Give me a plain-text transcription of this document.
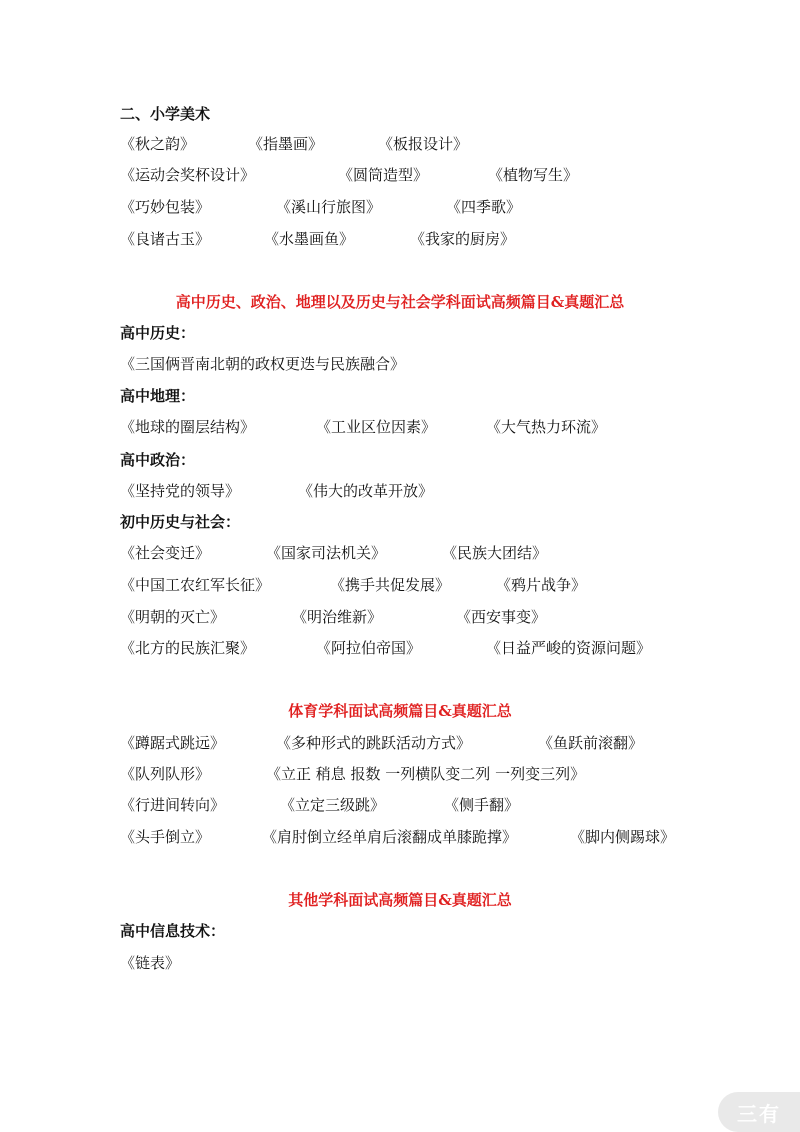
二、小学美术
《秋之韵》	《指墨画》	《板报设计》
《运动会奖杯设计》	《圆筒造型》	《植物写生》
《巧妙包装》	《溪山行旅图》	《四季歌》
《良诸古玉》	《水墨画鱼》	《我家的厨房》
高中历史、政治、地理以及历史与社会学科面试高频篇目&真题汇总
高中历史：
《三国俩晋南北朝的政权更迭与民族融合》
高中地理：
《地球的圈层结构》	《工业区位因素》	《大气热力环流》
高中政治：
《坚持党的领导》	《伟大的改革开放》
初中历史与社会：
《社会变迁》	《国家司法机关》	《民族大团结》
《中国工农红军长征》	《携手共促发展》	《鸦片战争》
《明朝的灭亡》	《明治维新》	《西安事变》
《北方的民族汇聚》	《阿拉伯帝国》	《日益严峻的资源问题》
体育学科面试高频篇目&真题汇总
《蹲踞式跳远》	《多种形式的跳跃活动方式》	《鱼跃前滚翻》
《队列队形》	《立正 稍息 报数 一列横队变二列 一列变三列》
《行进间转向》	《立定三级跳》	《侧手翻》
《头手倒立》	《肩肘倒立经单肩后滚翻成单膝跪撑》	《脚内侧踢球》
其他学科面试高频篇目&真题汇总
高中信息技术：
《链表》
三有
